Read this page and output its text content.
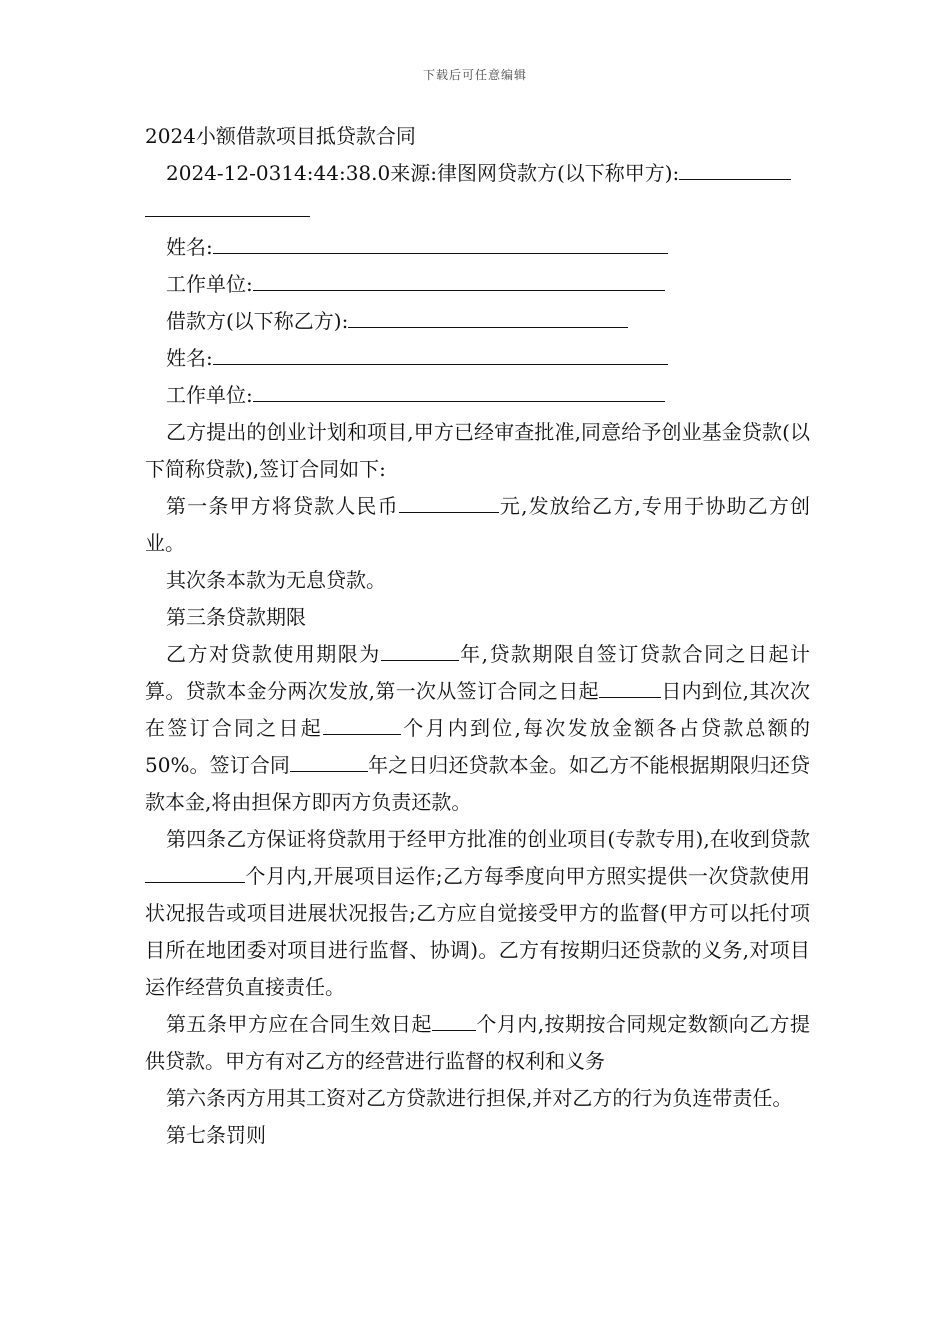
下载后可任意编辑

2024小额借款项目抵贷款合同

2024-12-0314:44:38.0来源:律图网贷款方(以下称甲方):

姓名:

工作单位:

借款方(以下称乙方):

姓名:

工作单位:

乙方提出的创业计划和项目,甲方已经审查批准,同意给予创业基金贷款(以下简称贷款),签订合同如下:

第一条甲方将贷款人民币	元,发放给乙方,专用于协助乙方创业。

其次条本款为无息贷款。

第三条贷款期限

乙方对贷款使用期限为	年,贷款期限自签订贷款合同之日起计算。贷款本金分两次发放,第一次从签订合同之日起	日内到位,其次次在签订合同之日起	个月内到位,每次发放金额各占贷款总额的50%。签订合同	年之日归还贷款本金。如乙方不能根据期限归还贷款本金,将由担保方即丙方负责还款。

第四条乙方保证将贷款用于经甲方批准的创业项目(专款专用),在收到贷款个月内,开展项目运作;乙方每季度向甲方照实提供一次贷款使用状况报告或项目进展状况报告;乙方应自觉接受甲方的监督(甲方可以托付项目所在地团委对项目进行监督、协调)。乙方有按期归还贷款的义务,对项目运作经营负直接责任。

第五条甲方应在合同生效日起 个月内,按期按合同规定数额向乙方提供贷款。甲方有对乙方的经营进行监督的权利和义务

第六条丙方用其工资对乙方贷款进行担保,并对乙方的行为负连带责任。

第七条罚则
